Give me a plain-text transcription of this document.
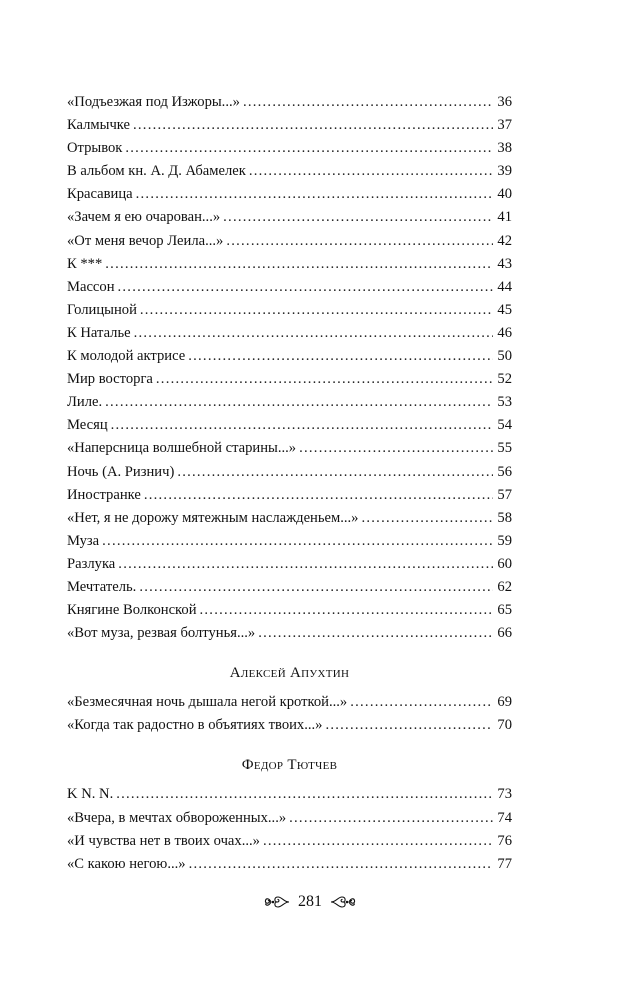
«Подъезжая под Изжоры...» . . .	36
Калмычке . . .	37
Отрывок . . .	38
В альбом кн. А. Д. Абамелек . . .	39
Красавица . . .	40
«Зачем я ею очарован...» . . .	41
«От меня вечор Леила...» . . .	42
К *** . . .	43
Массон . . .	44
Голицыной . . .	45
К Наталье . . .	46
К молодой актрисе . . .	50
Мир восторга . . .	52
Лиле. . . .	53
Месяц . . .	54
«Наперсница волшебной старины...» . . .	55
Ночь (А. Ризнич) . . .	56
Иностранке . . .	57
«Нет, я не дорожу мятежным наслажденьем...» . . .	58
Муза . . .	59
Разлука . . .	60
Мечтатель. . . .	62
Княгине Волконской . . .	65
«Вот муза, резвая болтунья...» . . .	66
Алексей Апухтин
«Безмесячная ночь дышала негой кроткой...» . . .	69
«Когда так радостно в объятиях твоих...» . . .	70
Федор Тютчев
K N. N. . . .	73
«Вчера, в мечтах обвороженных...» . . .	74
«И чувства нет в твоих очах...» . . .	76
«С какою негою...» . . .	77
281
